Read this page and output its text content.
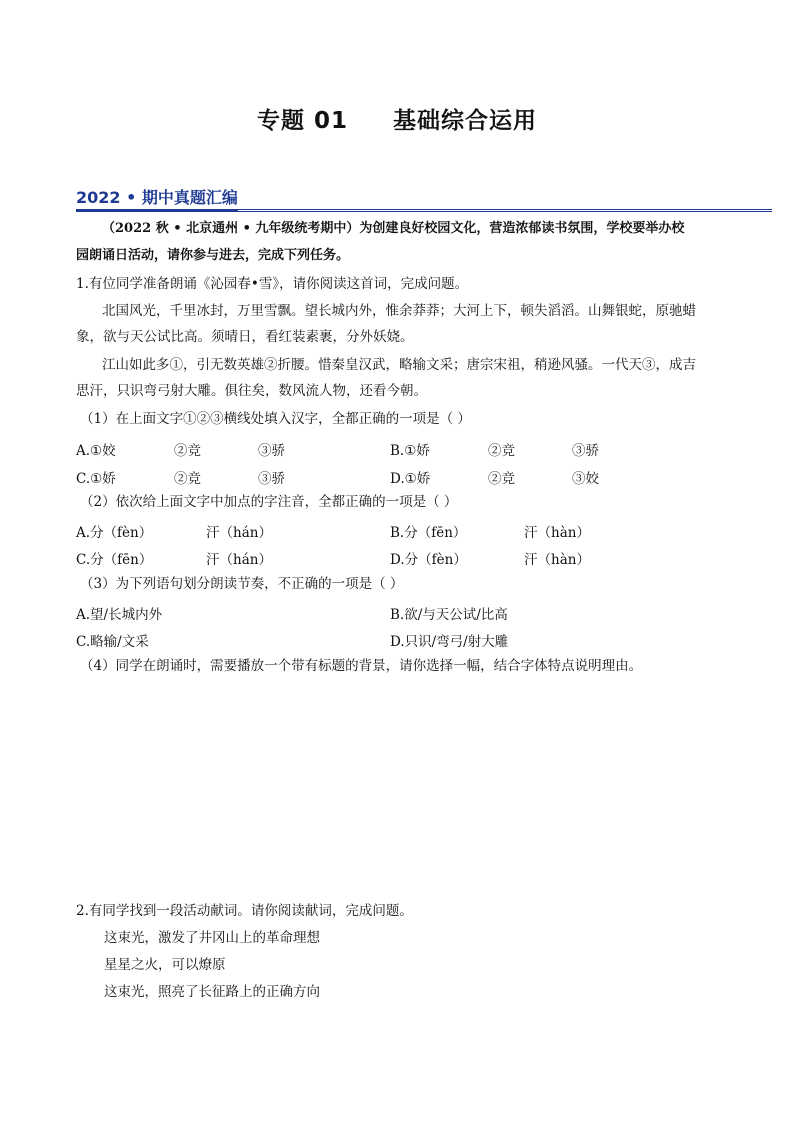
专题 01     基础综合运用
2022 • 期中真题汇编
（2022 秋 • 北京通州 • 九年级统考期中）为创建良好校园文化，营造浓郁读书氛围，学校要举办校
园朗诵日活动，请你参与进去，完成下列任务。
1.有位同学准备朗诵《沁园春•雪》，请你阅读这首词，完成问题。
北国风光，千里冰封，万里雪飘。望长城内外，惟余莽莽；大河上下，顿失滔滔。山舞银蛇，原驰蜡
象，欲与天公试比高。须晴日，看红装素裹，分外妖娆。
江山如此多①，引无数英雄②折腰。惜秦皇汉武，略输文采；唐宗宋祖，稍逊风骚。一代天③，成吉
思汗，只识弯弓射大雕。俱往矣，数风流人物，还看今朝。
（1）在上面文字①②③横线处填入汉字，全都正确的一项是（ ）
A.①姣	②竞	③骄	B.①娇	②竞	③骄
C.①娇	②竞	③骄	D.①娇	②竞	③姣
（2）依次给上面文字中加点的字注音，全都正确的一项是（ ）
A.分（fèn）	汗（hán）	B.分（fēn）	汗（hàn）
C.分（fēn）	汗（hán）	D.分（fèn）	汗（hàn）
（3）为下列语句划分朗读节奏，不正确的一项是（ ）
A.望/长城内外	B.欲/与天公试/比高
C.略输/文采	D.只识/弯弓/射大雕
（4）同学在朗诵时，需要播放一个带有标题的背景，请你选择一幅，结合字体特点说明理由。
2.有同学找到一段活动献词。请你阅读献词，完成问题。
这束光，激发了井冈山上的革命理想
星星之火，可以燎原
这束光，照亮了长征路上的正确方向
